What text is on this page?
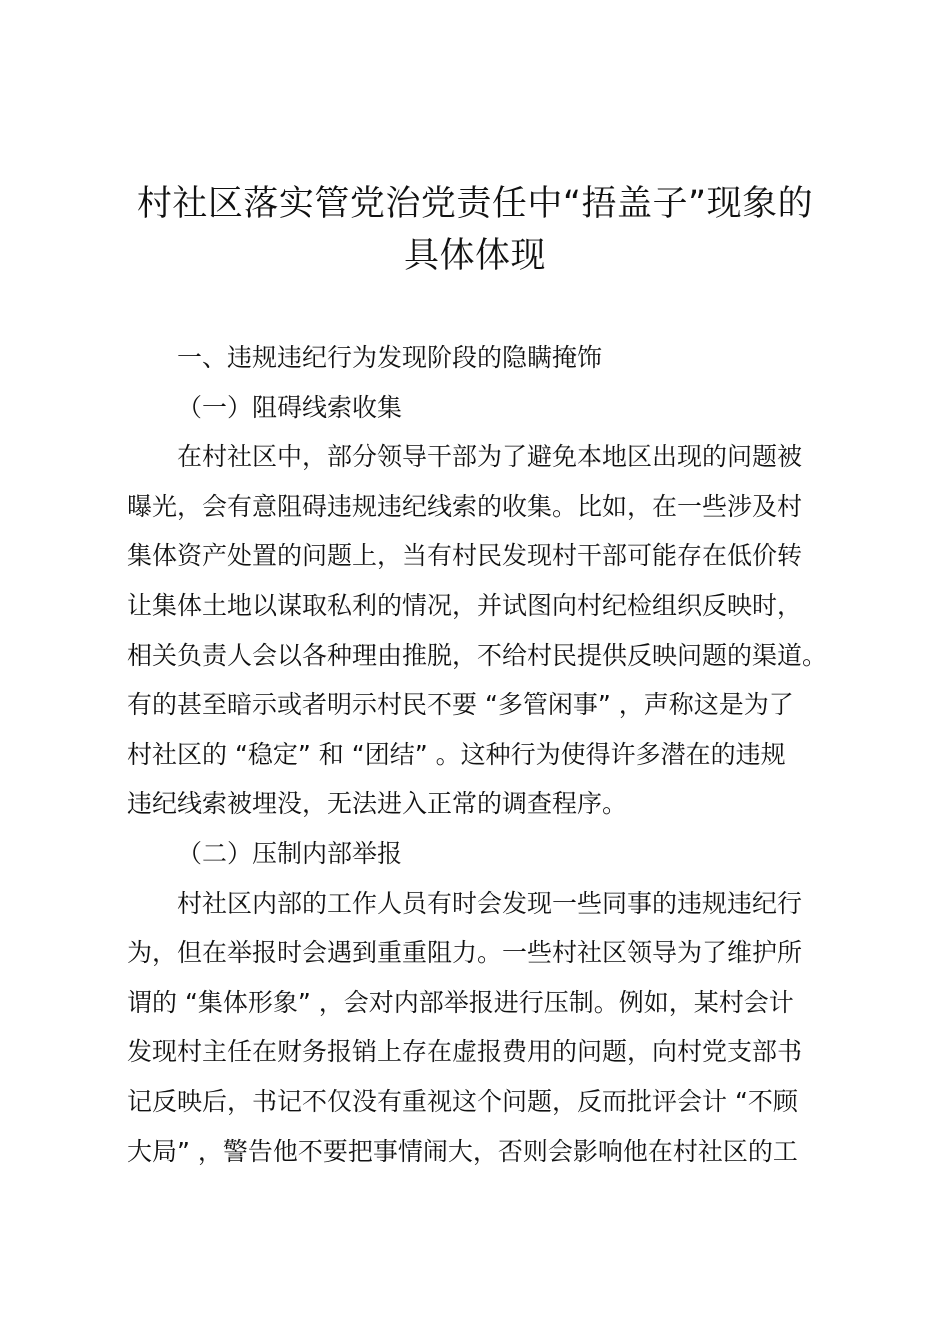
村社区落实管党治党责任中“捂盖子”现象的
具体体现

一、违规违纪行为发现阶段的隐瞒掩饰

（一）阻碍线索收集

在村社区中，部分领导干部为了避免本地区出现的问题被
曝光，会有意阻碍违规违纪线索的收集。比如，在一些涉及村
集体资产处置的问题上，当有村民发现村干部可能存在低价转
让集体土地以谋取私利的情况，并试图向村纪检组织反映时，
相关负责人会以各种理由推脱，不给村民提供反映问题的渠道。
有的甚至暗示或者明示村民不要 “多管闲事” ，声称这是为了
村社区的 “稳定” 和 “团结” 。这种行为使得许多潜在的违规
违纪线索被埋没，无法进入正常的调查程序。

（二）压制内部举报

村社区内部的工作人员有时会发现一些同事的违规违纪行
为，但在举报时会遇到重重阻力。一些村社区领导为了维护所
谓的 “集体形象” ，会对内部举报进行压制。例如，某村会计
发现村主任在财务报销上存在虚报费用的问题，向村党支部书
记反映后，书记不仅没有重视这个问题，反而批评会计 “不顾
大局” ，警告他不要把事情闹大，否则会影响他在村社区的工
